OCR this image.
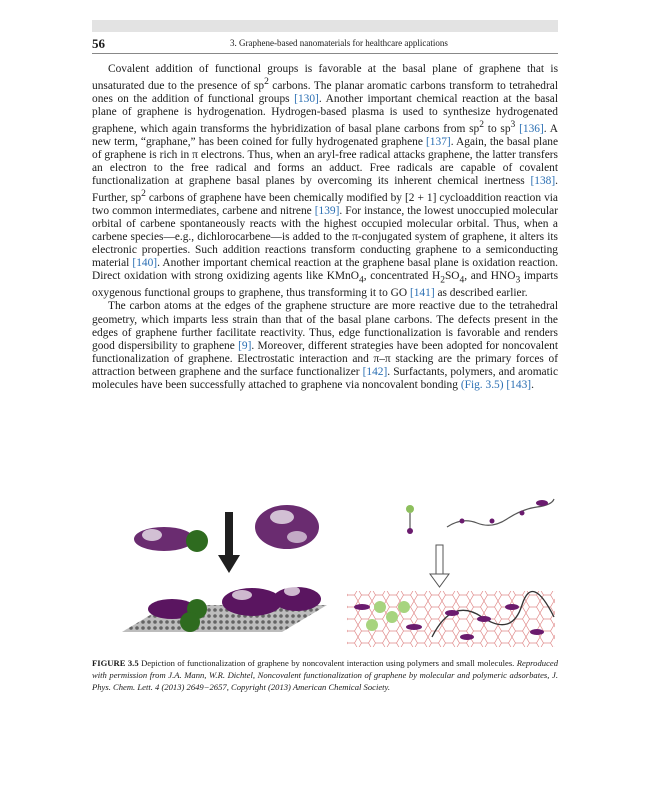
56	3. Graphene-based nanomaterials for healthcare applications

Covalent addition of functional groups is favorable at the basal plane of graphene that is unsaturated due to the presence of $sp^2$ carbons. The planar aromatic carbons transform to tetrahedral ones on the addition of functional groups [130]. Another important chemical reaction at the basal plane of graphene is hydrogenation. Hydrogen-based plasma is used to synthesize hydrogenated graphene, which again transforms the hybridization of basal plane carbons from $sp^2$ to $sp^3$ [136]. A new term, “graphane,” has been coined for fully hydrogenated graphene [137]. Again, the basal plane of graphene is rich in π electrons. Thus, when an aryl-free radical attacks graphene, the latter transfers an electron to the free radical and forms an adduct. Free radicals are capable of covalent functionalization at graphene basal planes by overcoming its inherent chemical inertness [138]. Further, $sp^2$ carbons of graphene have been chemically modified by [2 + 1] cycloaddition reaction via two common intermediates, carbene and nitrene [139]. For instance, the lowest unoccupied molecular orbital of carbene spontaneously reacts with the highest occupied molecular orbital. Thus, when a carbene species—e.g., dichlorocarbene—is added to the π-conjugated system of graphene, it alters its electronic properties. Such addition reactions transform conducting graphene to a semiconducting material [140]. Another important chemical reaction at the graphene basal plane is oxidation reaction. Direct oxidation with strong oxidizing agents like KMnO$_4$, concentrated $H_2SO_4$, and $HNO_3$ imparts oxygenous functional groups to graphene, thus transforming it to GO [141] as described earlier.

The carbon atoms at the edges of the graphene structure are more reactive due to the tetrahedral geometry, which imparts less strain than that of the basal plane carbons. The defects present in the edges of graphene further facilitate reactivity. Thus, edge functionalization is favorable and renders good dispersibility to graphene [9]. Moreover, different strategies have been adopted for noncovalent functionalization of graphene. Electrostatic interaction and π–π stacking are the primary forces of attraction between graphene and the surface functionalizer [142]. Surfactants, polymers, and aromatic molecules have been successfully attached to graphene via noncovalent bonding (Fig. 3.5) [143].

FIGURE 3.5 Depiction of functionalization of graphene by noncovalent interaction using polymers and small molecules. Reproduced with permission from J.A. Mann, W.R. Dichtel, Noncovalent functionalization of graphene by molecular and polymeric adsorbates, J. Phys. Chem. Lett. 4 (2013) 2649−2657, Copyright (2013) American Chemical Society.
